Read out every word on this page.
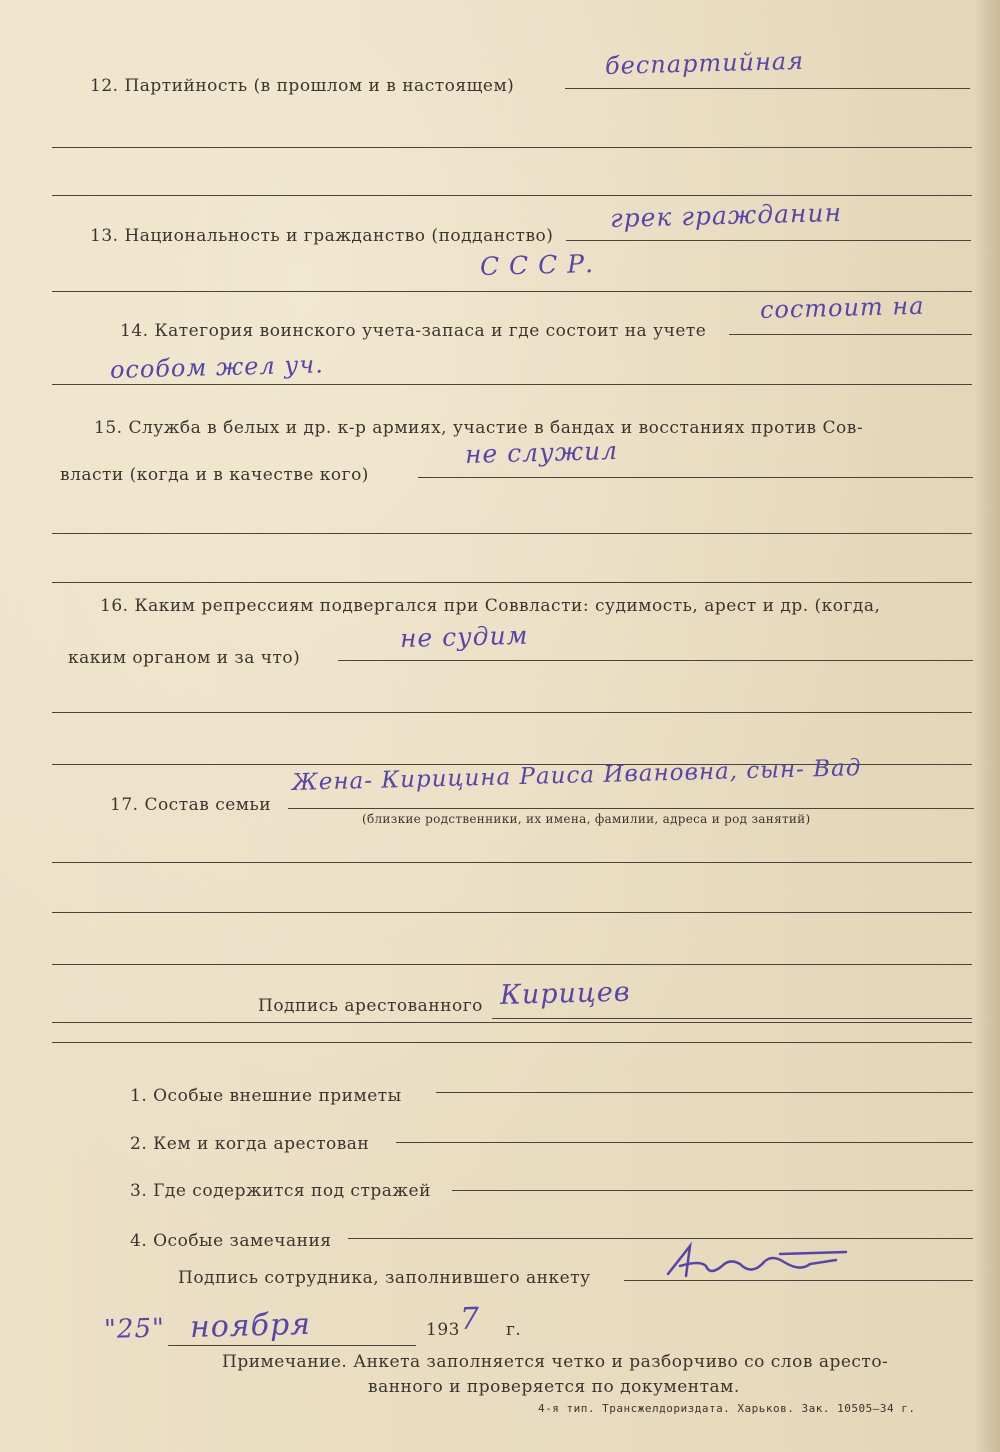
12. Партийность (в прошлом и в настоящем)
беспартийная
13. Национальность и гражданство (подданство)
грек гражданин
С С С Р.
14. Категория воинского учета-запаса и где состоит на учете
состоит на
особом жел уч.
15. Служба в белых и др. к-р армиях, участие в бандах и восстаниях против Сов-
власти (когда и в качестве кого)
не служил
16. Каким репрессиям подвергался при Соввласти: судимость, арест и др. (когда,
каким органом и за что)
не судим
17. Состав семьи
Жена- Кирицина Раиса Ивановна, сын- Вад
(близкие родственники, их имена, фамилии, адреса и род занятий)
Подпись арестованного Кирицев
1. Особые внешние приметы
2. Кем и когда арестован
3. Где содержится под стражей
4. Особые замечания
Подпись сотрудника, заполнившего анкету
"25" ноября	193 7 г.
Примечание. Анкета заполняется четко и разборчиво со слов аресто-
ванного и проверяется по документам.
4-я тип. Трансжелдориздата. Харьков. Зак. 10505—34 г.
